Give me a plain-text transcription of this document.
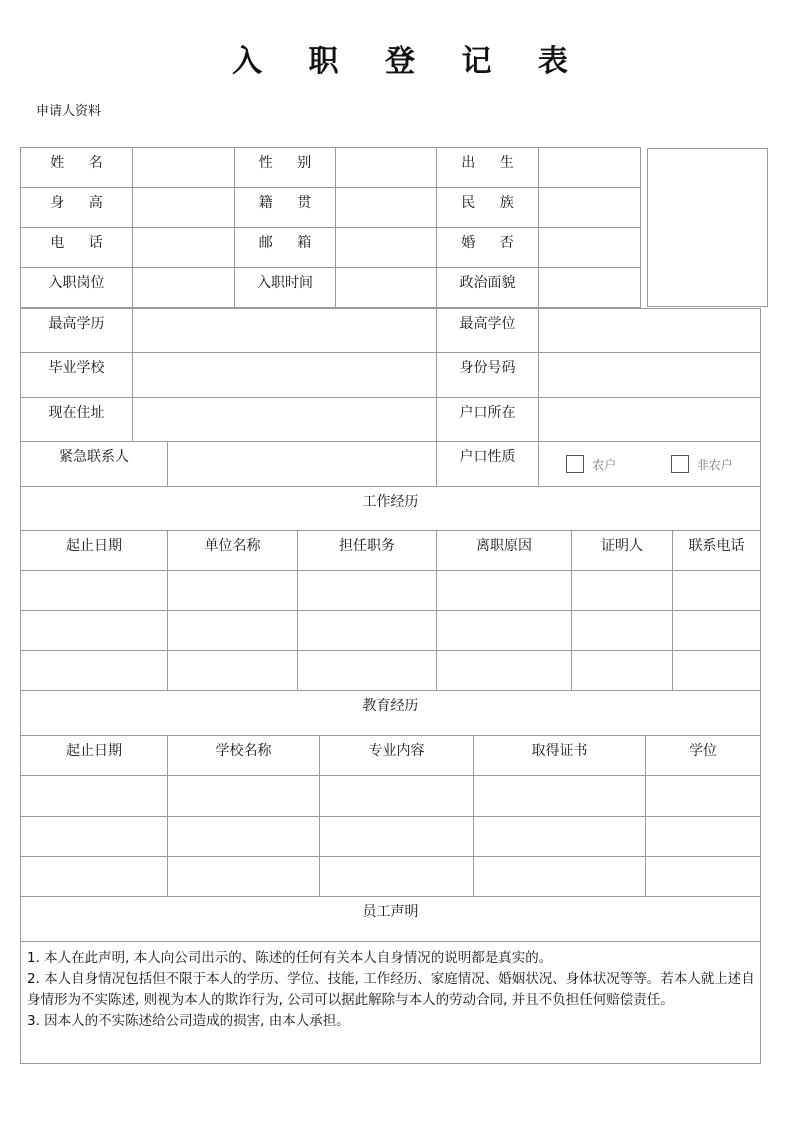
入 职 登 记 表
申请人资料
姓 名		性 别		出 生	
身 高		籍 贯		民 族	
电 话		邮 箱		婚 否	
入职岗位		入职时间		政治面貌	
最高学历		最高学位	
毕业学校		身份号码	
现在住址		户口所在	
紧急联系人		户口性质	农户	非农户
工作经历					
起止日期	单位名称	担任职务	离职原因	证明人	联系电话

教育经历				
起止日期	学校名称	专业内容	取得证书	学位

员工声明

1. 本人在此声明, 本人向公司出示的、陈述的任何有关本人自身情况的说明都是真实的。

2. 本人自身情况包括但不限于本人的学历、学位、技能, 工作经历、家庭情况、婚姻状况、身体状况等等。若本人就上述自身情形为不实陈述, 则视为本人的欺诈行为, 公司可以据此解除与本人的劳动合同, 并且不负担任何赔偿责任。

3. 因本人的不实陈述给公司造成的损害, 由本人承担。
